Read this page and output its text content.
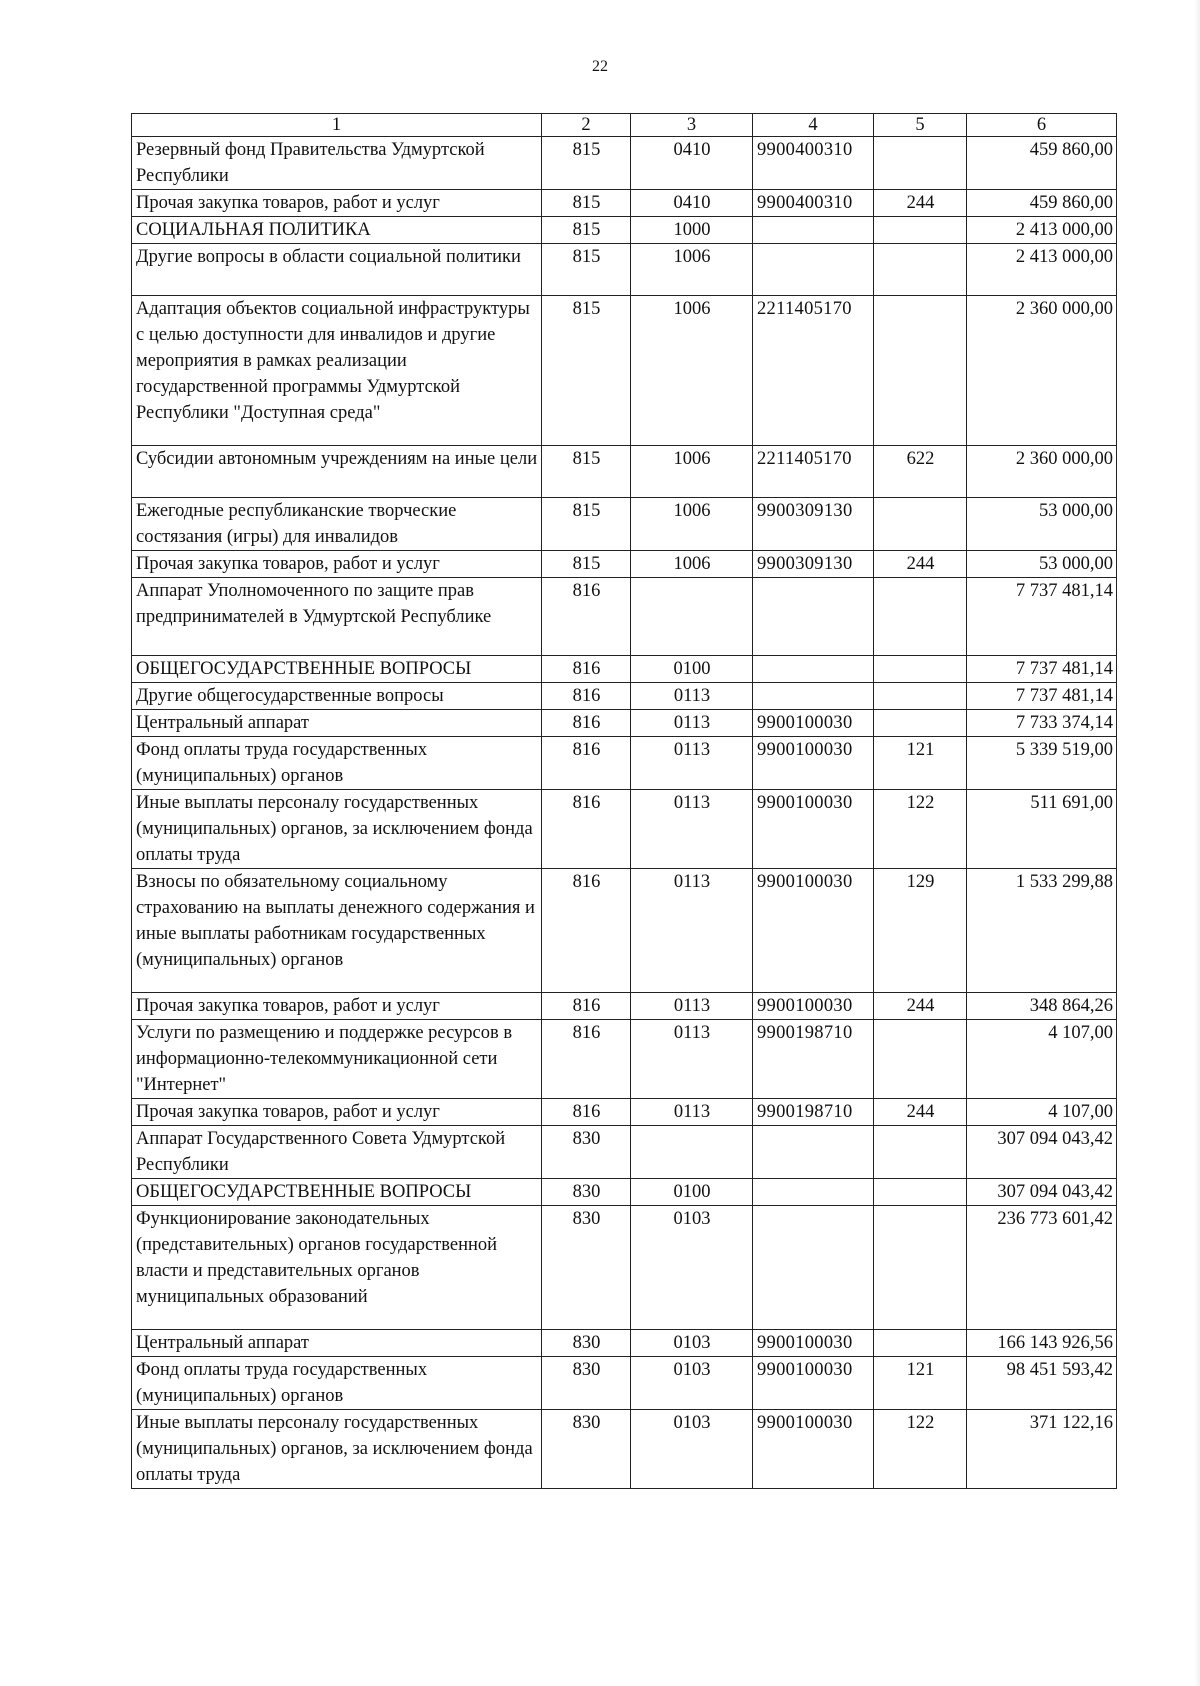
22
1	2	3	4	5	6
Резервный фонд Правительства Удмуртской Республики	815	0410	9900400310		459 860,00
Прочая закупка товаров, работ и услуг	815	0410	9900400310	244	459 860,00
СОЦИАЛЬНАЯ ПОЛИТИКА	815	1000			2 413 000,00
Другие вопросы в области социальной политики	815	1006			2 413 000,00
Адаптация объектов социальной инфраструктуры с целью доступности для инвалидов и другие мероприятия в рамках реализации государственной программы Удмуртской Республики "Доступная среда"	815	1006	2211405170		2 360 000,00
Субсидии автономным учреждениям на иные цели	815	1006	2211405170	622	2 360 000,00
Ежегодные республиканские творческие состязания (игры) для инвалидов	815	1006	9900309130		53 000,00
Прочая закупка товаров, работ и услуг	815	1006	9900309130	244	53 000,00
Аппарат Уполномоченного по защите прав предпринимателей в Удмуртской Республике	816				7 737 481,14
ОБЩЕГОСУДАРСТВЕННЫЕ ВОПРОСЫ	816	0100			7 737 481,14
Другие общегосударственные вопросы	816	0113			7 737 481,14
Центральный аппарат	816	0113	9900100030		7 733 374,14
Фонд оплаты труда государственных (муниципальных) органов	816	0113	9900100030	121	5 339 519,00
Иные выплаты персоналу государственных (муниципальных) органов, за исключением фонда оплаты труда	816	0113	9900100030	122	511 691,00
Взносы по обязательному социальному страхованию на выплаты денежного содержания и иные выплаты работникам государственных (муниципальных) органов	816	0113	9900100030	129	1 533 299,88
Прочая закупка товаров, работ и услуг	816	0113	9900100030	244	348 864,26
Услуги по размещению и поддержке ресурсов в информационно-телекоммуникационной сети "Интернет"	816	0113	9900198710		4 107,00
Прочая закупка товаров, работ и услуг	816	0113	9900198710	244	4 107,00
Аппарат Государственного Совета Удмуртской Республики	830				307 094 043,42
ОБЩЕГОСУДАРСТВЕННЫЕ ВОПРОСЫ	830	0100			307 094 043,42
Функционирование законодательных (представительных) органов государственной власти и представительных органов муниципальных образований	830	0103			236 773 601,42
Центральный аппарат	830	0103	9900100030		166 143 926,56
Фонд оплаты труда государственных (муниципальных) органов	830	0103	9900100030	121	98 451 593,42
Иные выплаты персоналу государственных (муниципальных) органов, за исключением фонда оплаты труда	830	0103	9900100030	122	371 122,16
